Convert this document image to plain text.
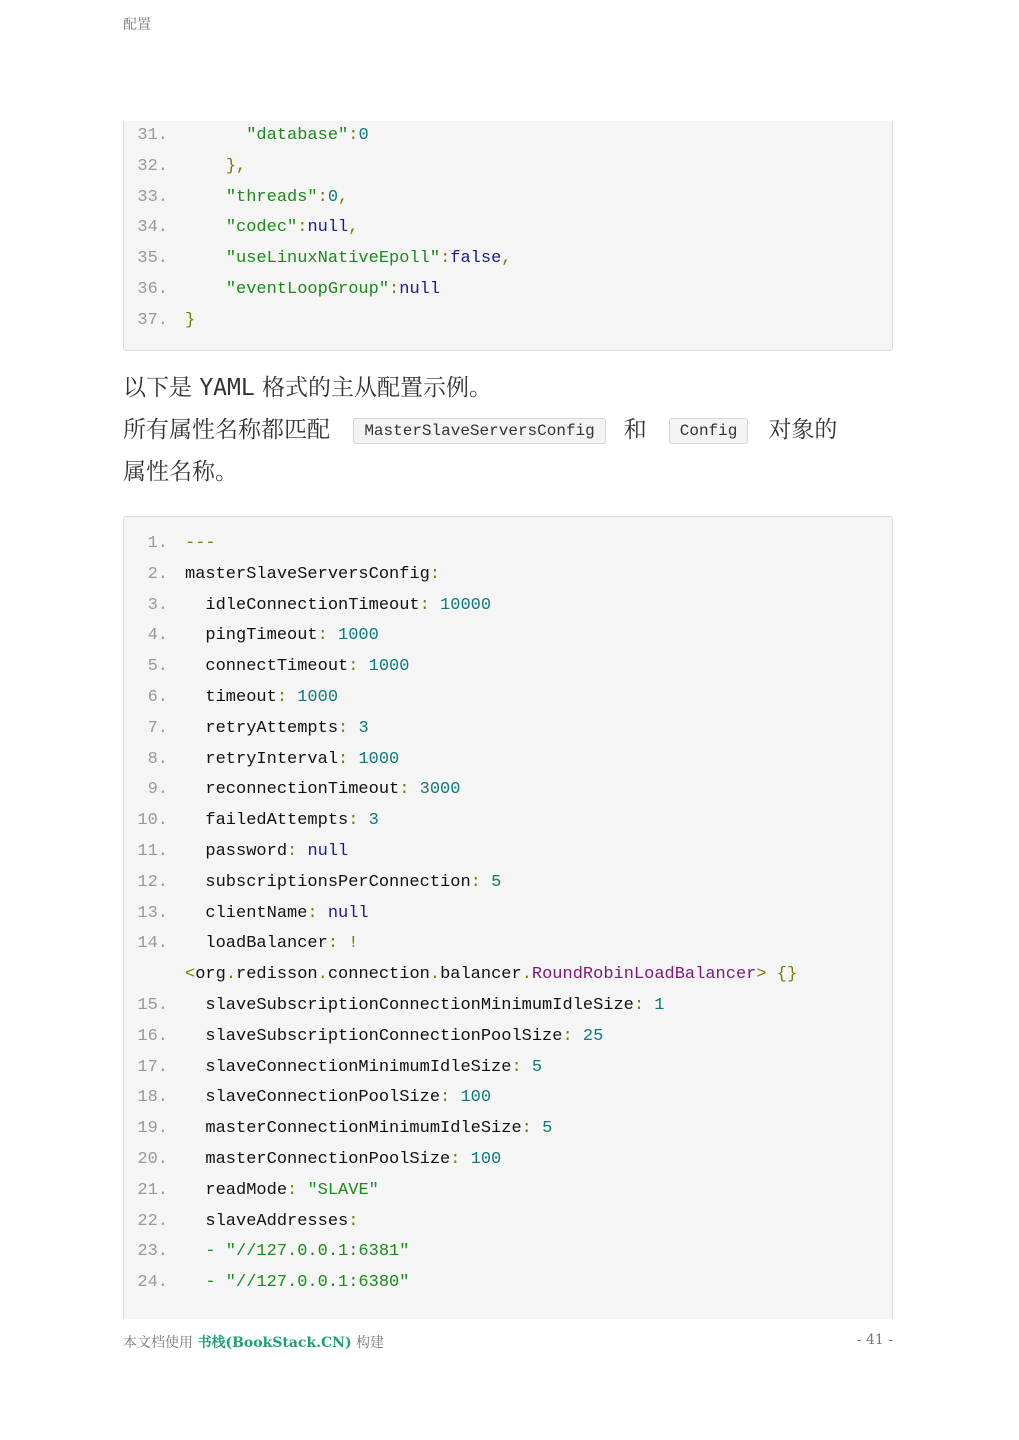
配置
31.	"database":0
32.	},
33.	"threads":0,
34.	"codec":null,
35.	"useLinuxNativeEpoll":false,
36.	"eventLoopGroup":null
37. }
以下是 YAML 格式的主从配置示例。
所有属性名称都匹配 MasterSlaveServersConfig 和 Config 对象的
属性名称。
1. ---
2. masterSlaveServersConfig:
3. idleConnectionTimeout: 10000
4. pingTimeout: 1000
5. connectTimeout: 1000
6. timeout: 1000
7. retryAttempts: 3
8. retryInterval: 1000
9. reconnectionTimeout: 3000
10. failedAttempts: 3
11. password: null
12. subscriptionsPerConnection: 5
13. clientName: null
14. loadBalancer: !
<org.redisson.connection.balancer.RoundRobinLoadBalancer> {}
15. slaveSubscriptionConnectionMinimumIdleSize: 1
16. slaveSubscriptionConnectionPoolSize: 25
17. slaveConnectionMinimumIdleSize: 5
18. slaveConnectionPoolSize: 100
19. masterConnectionMinimumIdleSize: 5
20. masterConnectionPoolSize: 100
21. readMode: "SLAVE"
22. slaveAddresses:
23.	- "//127.0.0.1:6381"
24.	- "//127.0.0.1:6380"
本文档使用 书栈(BookStack.CN) 构建	- 41 -
